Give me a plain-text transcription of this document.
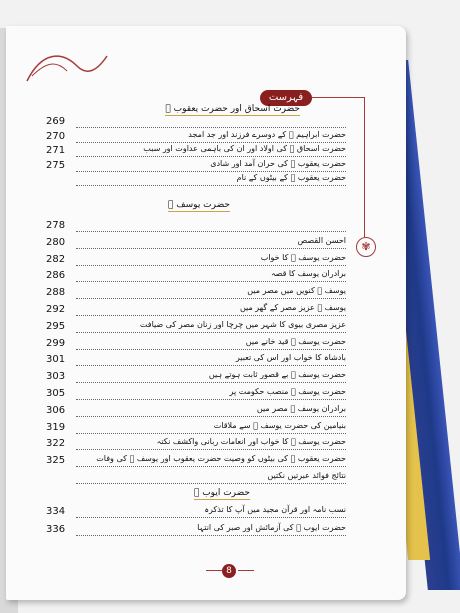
فہرست
✾
حضرت اسحاق اور حضرت یعقوب ﷤
269
270	حضرت ابراہیم ﷤ کے دوسرے فرزند اور جد امجد
271	حضرت اسحاق ﷤ کی اولاد اور ان کی باہمی عداوت اور سبب
275	حضرت یعقوب ﷤ کی حران آمد اور شادی
حضرت یعقوب ﷤ کے بیٹوں کے نام
حضرت یوسف ﷤
278
280	احسن القصص
282	حضرت یوسف ﷤ کا خواب
286	برادران یوسف کا قصہ
288	یوسف ﷤ کنویں میں مصر میں
292	یوسف ﷤ عزیز مصر کے گھر میں
295	عزیز مصری بیوی کا شہر میں چرچا اور زنان مصر کی ضیافت
299	حضرت یوسف ﷤ قید خانے میں
301	بادشاہ کا خواب اور اس کی تعبیر
303	حضرت یوسف ﷤ بے قصور ثابت ہوتے ہیں
305	حضرت یوسف ﷤ منصب حکومت پر
306	برادران یوسف ﷤ مصر میں
319	بنیامین کی حضرت یوسف ﷤ سے ملاقات
322	حضرت یوسف ﷤ کا خواب اور انعامات ربانی واکشف نکتہ
325	حضرت یعقوب ﷤ کی بیٹوں کو وصیت حضرت یعقوب اور یوسف ﷤ کی وفات
نتائج فوائد عبرتیں نکتیں
حضرت ایوب ﷤
334	نسب نامہ اور قرآن مجید میں آپ کا تذکرہ
336	حضرت ایوب ﷤ کی آزمائش اور صبر کی انتہا
8
